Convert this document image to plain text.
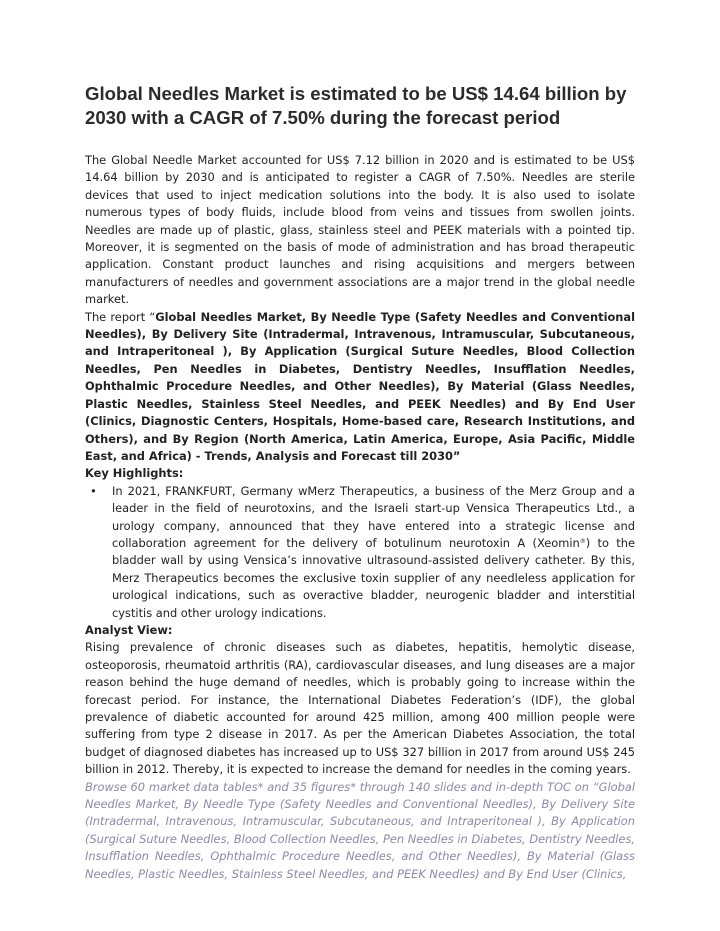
Global Needles Market is estimated to be US$ 14.64 billion by 2030 with a CAGR of 7.50% during the forecast period

The Global Needle Market accounted for US$ 7.12 billion in 2020 and is estimated to be US$ 14.64 billion by 2030 and is anticipated to register a CAGR of 7.50%. Needles are sterile devices that used to inject medication solutions into the body. It is also used to isolate numerous types of body fluids, include blood from veins and tissues from swollen joints. Needles are made up of plastic, glass, stainless steel and PEEK materials with a pointed tip. Moreover, it is segmented on the basis of mode of administration and has broad therapeutic application. Constant product launches and rising acquisitions and mergers between manufacturers of needles and government associations are a major trend in the global needle market.

The report “Global Needles Market, By Needle Type (Safety Needles and Conventional Needles), By Delivery Site (Intradermal, Intravenous, Intramuscular, Subcutaneous, and Intraperitoneal ), By Application (Surgical Suture Needles, Blood Collection Needles, Pen Needles in Diabetes, Dentistry Needles, Insufflation Needles, Ophthalmic Procedure Needles, and Other Needles), By Material (Glass Needles, Plastic Needles, Stainless Steel Needles, and PEEK Needles) and By End User (Clinics, Diagnostic Centers, Hospitals, Home-based care, Research Institutions, and Others), and By Region (North America, Latin America, Europe, Asia Pacific, Middle East, and Africa) - Trends, Analysis and Forecast till 2030”

Key Highlights:

• In 2021, FRANKFURT, Germany wMerz Therapeutics, a business of the Merz Group and a leader in the field of neurotoxins, and the Israeli start-up Vensica Therapeutics Ltd., a urology company, announced that they have entered into a strategic license and collaboration agreement for the delivery of botulinum neurotoxin A (Xeomin®) to the bladder wall by using Vensica’s innovative ultrasound-assisted delivery catheter. By this, Merz Therapeutics becomes the exclusive toxin supplier of any needleless application for urological indications, such as overactive bladder, neurogenic bladder and interstitial cystitis and other urology indications.

Analyst View:

Rising prevalence of chronic diseases such as diabetes, hepatitis, hemolytic disease, osteoporosis, rheumatoid arthritis (RA), cardiovascular diseases, and lung diseases are a major reason behind the huge demand of needles, which is probably going to increase within the forecast period. For instance, the International Diabetes Federation’s (IDF), the global prevalence of diabetic accounted for around 425 million, among 400 million people were suffering from type 2 disease in 2017. As per the American Diabetes Association, the total budget of diagnosed diabetes has increased up to US$ 327 billion in 2017 from around US$ 245 billion in 2012. Thereby, it is expected to increase the demand for needles in the coming years.

Browse 60 market data tables* and 35 figures* through 140 slides and in-depth TOC on “Global Needles Market, By Needle Type (Safety Needles and Conventional Needles), By Delivery Site (Intradermal, Intravenous, Intramuscular, Subcutaneous, and Intraperitoneal ), By Application (Surgical Suture Needles, Blood Collection Needles, Pen Needles in Diabetes, Dentistry Needles, Insufflation Needles, Ophthalmic Procedure Needles, and Other Needles), By Material (Glass Needles, Plastic Needles, Stainless Steel Needles, and PEEK Needles) and By End User (Clinics,
